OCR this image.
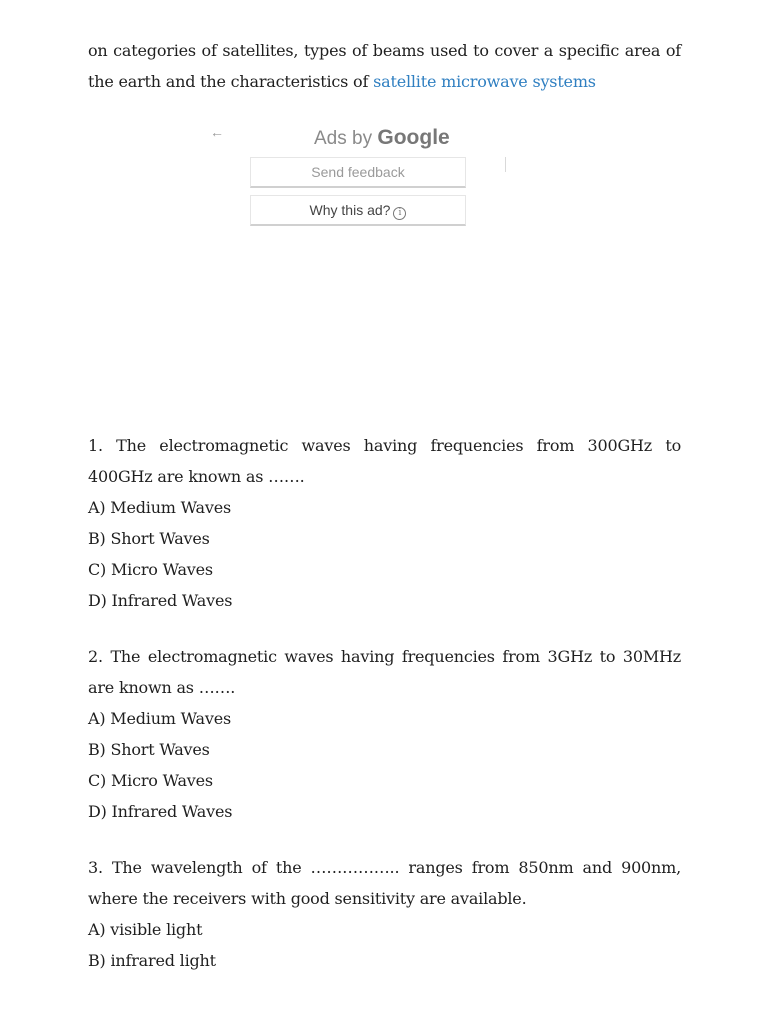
on categories of satellites, types of beams used to cover a specific area of the earth and the characteristics of satellite microwave systems

←	Ads by Google
Send feedback
Why this ad? i

1. The electromagnetic waves having frequencies from 300GHz to 400GHz are known as …….

A) Medium Waves

B) Short Waves

C) Micro Waves

D) Infrared Waves

2. The electromagnetic waves having frequencies from 3GHz to 30MHz are known as …….

A) Medium Waves

B) Short Waves

C) Micro Waves

D) Infrared Waves

3. The wavelength of the …………….. ranges from 850nm and 900nm, where the receivers with good sensitivity are available.

A) visible light

B) infrared light
